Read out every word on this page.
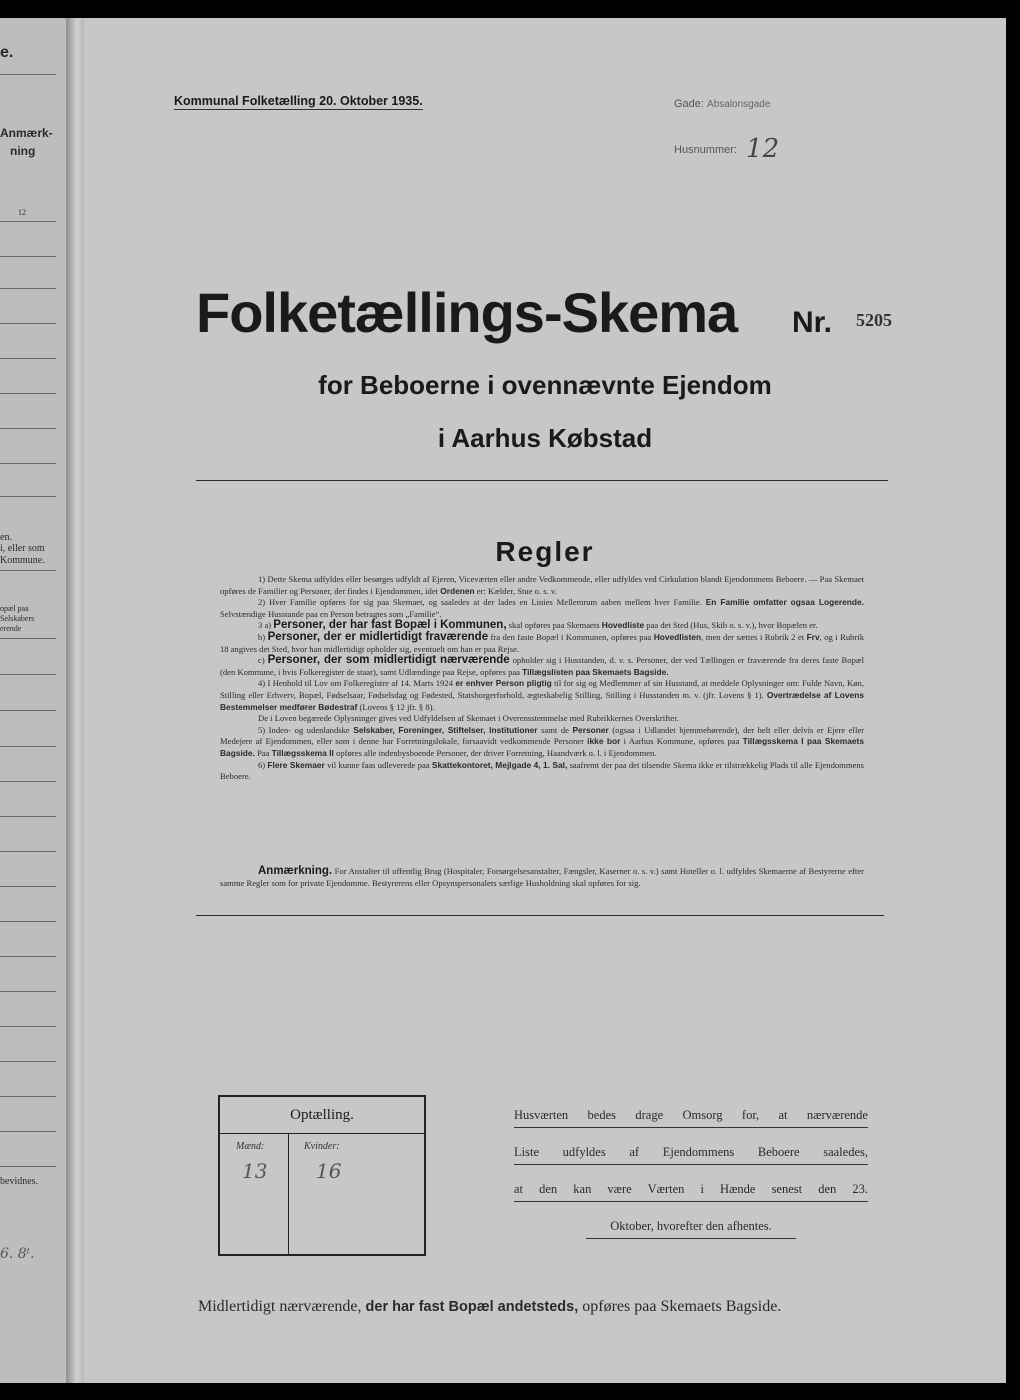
e.
Anmærk-
ning
12
en.
i, eller som
Kommune.
opæl paa
Selskabers
erende
bevidnes.
6. 8ᵗ.
Kommunal Folketælling 20. Oktober 1935.	Gade: Absalonsgade
Husnummer: 12
Folketællings-Skema Nr. 5205
for Beboerne i ovennævnte Ejendom
i Aarhus Købstad
Regler

1) Dette Skema udfyldes eller besørges udfyldt af Ejeren, Viceværten eller andre Vedkommende, eller udfyldes ved Cirkulation blandt Ejendommens Beboere. — Paa Skemaet opføres de Familier og Personer, der findes i Ejendommen, idet Ordenen er: Kælder, Stue o. s. v.

2) Hver Familie opføres for sig paa Skemaet, og saaledes at der lades en Linies Mellemrum aaben mellem hver Familie. En Familie omfatter ogsaa Logerende. Selvstændige Husstande paa en Person betragtes som „Familie“.

3 a) Personer, der har fast Bopæl i Kommunen, skal opføres paa Skemaets Hovedliste paa det Sted (Hus, Skib o. s. v.), hvor Bopælen er.

b) Personer, der er midlertidigt fraværende fra den faste Bopæl i Kommunen, opføres paa Hovedlisten, men der sættes i Rubrik 2 et Frv, og i Rubrik 18 angives det Sted, hvor han midlertidigt opholder sig, eventuelt om han er paa Rejse.

c) Personer, der som midlertidigt nærværende opholder sig i Husstanden, d. v. s. Personer, der ved Tællingen er fraværende fra deres faste Bopæl (den Kommune, i hvis Folkeregister de staar), samt Udlændinge paa Rejse, opføres paa Tillægslisten paa Skemaets Bagside.

4) I Henhold til Lov om Folkeregistre af 14. Marts 1924 er enhver Person pligtig til for sig og Medlemmer af sin Husstand, at meddele Oplysninger om: Fulde Navn, Køn, Stilling eller Erhverv, Bopæl, Fødselsaar, Fødselsdag og Fødested, Statsborgerforhold, ægteskabelig Stilling, Stilling i Husstanden m. v. (jfr. Lovens § 1). Overtrædelse af Lovens Bestemmelser medfører Bødestraf (Lovens § 12 jfr. § 8).

De i Loven begærede Oplysninger gives ved Udfyldelsen af Skemaet i Overensstemmelse med Rubrikkernes Overskrifter.

5) Inden- og udenlandske Selskaber, Foreninger, Stiftelser, Institutioner samt de Personer (ogsaa i Udlandet hjemmehørende), der helt eller delvis er Ejere eller Medejere af Ejendommen, eller som i denne har Forretningslokale, forsaavidt vedkommende Personer ikke bor i Aarhus Kommune, opføres paa Tillægsskema I paa Skemaets Bagside. Paa Tillægsskema II opføres alle indenbysboende Personer, der driver Forretning, Haandværk o. l. i Ejendommen.

6) Flere Skemaer vil kunne faas udleverede paa Skattekontoret, Mejlgade 4, 1. Sal, saafremt der paa det tilsendte Skema ikke er tilstrækkelig Plads til alle Ejendommens Beboere.

Anmærkning. For Anstalter til offentlig Brug (Hospitaler, Forsørgelsesanstalter, Fængsler, Kaserner o. s. v.) samt Hoteller o. l. udfyldes Skemaerne af Bestyrerne efter samme Regler som for private Ejendomme. Bestyrerens eller Opsynspersonalets særlige Husholdning skal opføres for sig.
Optælling.
Mænd:	Kvinder:
13 16
Husværten bedes drage Omsorg for, at nærværende
Liste udfyldes af Ejendommens Beboere saaledes,
at den kan være Værten i Hænde senest den 23.
Oktober, hvorefter den afhentes.
Midlertidigt nærværende, der har fast Bopæl andetsteds, opføres paa Skemaets Bagside.
